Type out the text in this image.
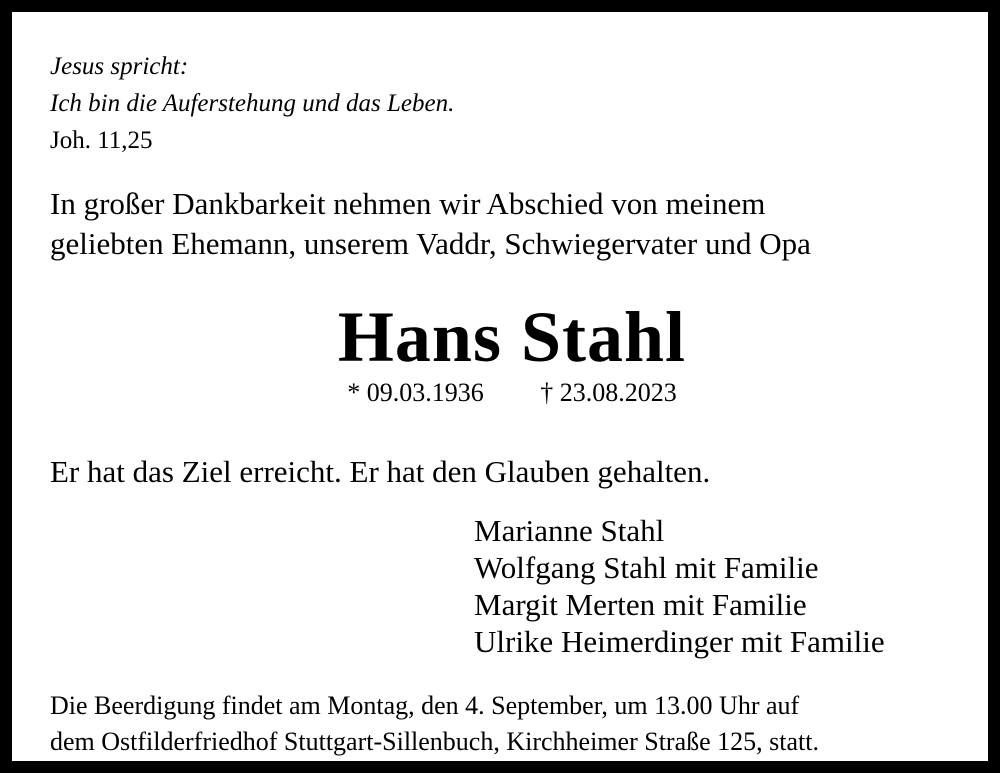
Jesus spricht:
Ich bin die Auferstehung und das Leben.
Joh. 11,25
In großer Dankbarkeit nehmen wir Abschied von meinem
geliebten Ehemann, unserem Vaddr, Schwiegervater und Opa
Hans Stahl
* 09.03.1936 † 23.08.2023
Er hat das Ziel erreicht. Er hat den Glauben gehalten.
Marianne Stahl
Wolfgang Stahl mit Familie
Margit Merten mit Familie
Ulrike Heimerdinger mit Familie
Die Beerdigung findet am Montag, den 4. September, um 13.00 Uhr auf
dem Ostfilderfriedhof Stuttgart-Sillenbuch, Kirchheimer Straße 125, statt.
